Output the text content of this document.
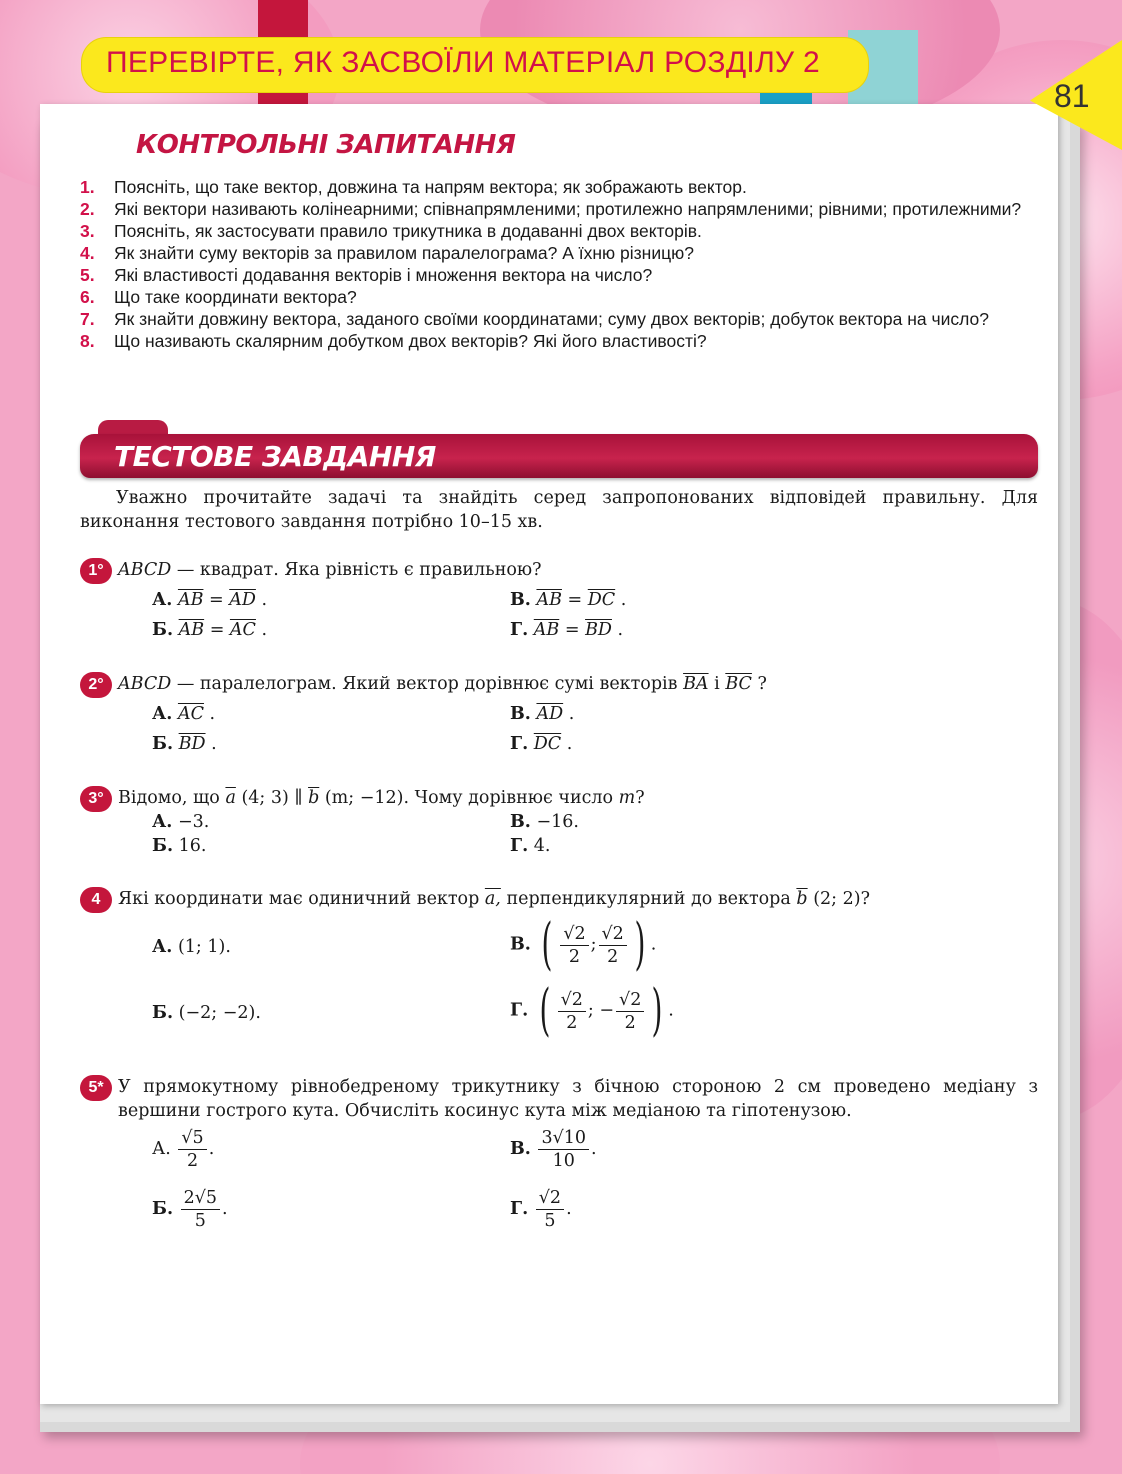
81
ПЕРЕВІРТЕ, ЯК ЗАСВОЇЛИ МАТЕРІАЛ РОЗДІЛУ 2
КОНТРОЛЬНІ ЗАПИТАННЯ
1.	Поясніть, що таке вектор, довжина та напрям вектора; як зображають вектор.
2.	Які вектори називають колінеарними; співнапрямленими; протилежно напрямленими; рівними; протилежними?
3.	Поясніть, як застосувати правило трикутника в додаванні двох векторів.
4.	Як знайти суму векторів за правилом паралелограма? А їхню різницю?
5.	Які властивості додавання векторів і множення вектора на число?
6.	Що таке координати вектора?
7.	Як знайти довжину вектора, заданого своїми координатами; суму двох векторів; добуток вектора на число?
8.	Що називають скалярним добутком двох векторів? Які його властивості?
ТЕСТОВЕ ЗАВДАННЯ
Уважно прочитайте задачі та знайдіть серед запропонованих відповідей правильну. Для виконання тестового завдання потрібно 10–15 хв.
1° ABCD — квадрат. Яка рівність є правильною?
А. $\overline{AB} = \overline{AD}$ .
Б. $\overline{AB} = \overline{AC}$ .
В. $\overline{AB} = \overline{DC}$ .
Г. $\overline{AB} = \overline{BD}$ .
2° ABCD — паралелограм. Який вектор дорівнює сумі векторів $\overline{BA}$ і $\overline{BC}$ ?
А. $\overline{AC}$ .
Б. $\overline{BD}$ .
В. $\overline{AD}$ .
Г. $\overline{DC}$ .
3° Відомо, що $\overline{a}$ (4; 3) ∥ $\overline{b}$ (m; −12). Чому дорівнює число m?
А. −3.
Б. 16.
В. −16.
Г. 4.
4	Які координати має одиничний вектор a, перпендикулярний до вектора $\overline{b}$ (2; 2)?
А. (1; 1).
Б. (−2; −2).
В. ( $\frac{√2}{2}$ ; $\frac{√2}{2}$ ) .
Г. ( $\frac{√2}{2}$ ; − $\frac{√2}{2}$ ) .
5* У прямокутному рівнобедреному трикутнику з бічною стороною 2 см проведено медіану з вершини гострого кута. Обчисліть косинус кута між медіаною та гіпотенузою.
А. $\frac{√5}{2}$ .
Б. $\frac{2√5}{5}$ .
В. $\frac{3√10}{10}$ .
Г. $\frac{√2}{5}$ .
